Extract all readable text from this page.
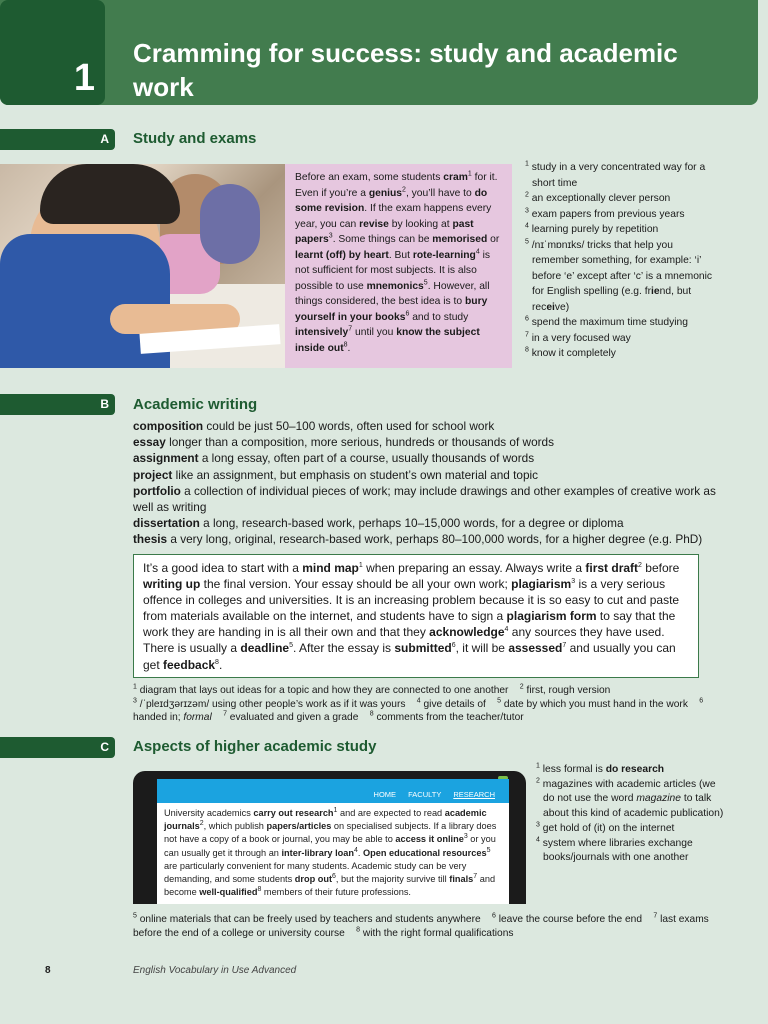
1
Cramming for success: study and academic work
A	Study and exams
Before an exam, some students cram$^1$ for it. Even if you’re a genius$^2$, you’ll have to do some revision. If the exam happens every year, you can revise by looking at past papers$^3$. Some things can be memorised or learnt (off) by heart. But rote-learning$^4$ is not sufficient for most subjects. It is also possible to use mnemonics$^5$. However, all things considered, the best idea is to bury yourself in your books$^6$ and to study intensively$^7$ until you know the subject inside out$^8$.
$^1$ study in a very concentrated way for a short time
$^2$ an exceptionally clever person
$^3$ exam papers from previous years
$^4$ learning purely by repetition
$^5$ /nɪˈmɒnɪks/ tricks that help you remember something, for example: ‘i’ before ‘e’ except after ‘c’ is a mnemonic for English spelling (e.g. friend, but receive)
$^6$ spend the maximum time studying
$^7$ in a very focused way
$^8$ know it completely
B	Academic writing
composition could be just 50–100 words, often used for school work
essay longer than a composition, more serious, hundreds or thousands of words
assignment a long essay, often part of a course, usually thousands of words
project like an assignment, but emphasis on student’s own material and topic
portfolio a collection of individual pieces of work; may include drawings and other examples of creative work as well as writing
dissertation a long, research-based work, perhaps 10–15,000 words, for a degree or diploma
thesis a very long, original, research-based work, perhaps 80–100,000 words, for a higher degree (e.g. PhD)
It’s a good idea to start with a mind map$^1$ when preparing an essay. Always write a first draft$^2$ before writing up the final version. Your essay should be all your own work; plagiarism$^3$ is a very serious offence in colleges and universities. It is an increasing problem because it is so easy to cut and paste from materials available on the internet, and students have to sign a plagiarism form to say that the work they are handing in is all their own and that they acknowledge$^4$ any sources they have used. There is usually a deadline$^5$. After the essay is submitted$^6$, it will be assessed$^7$ and usually you can get feedback$^8$.
$^1$ diagram that lays out ideas for a topic and how they are connected to one another    $^2$ first, rough version
$^3$ /ˈpleɪdʒərɪzəm/ using other people’s work as if it was yours    $^4$ give details of    $^5$ date by which you must hand in the work    $^6$ handed in; formal $^7$ evaluated and given a grade    $^8$ comments from the teacher/tutor
C	Aspects of higher academic study
HOME FACULTY RESEARCH
University academics carry out research$^1$ and are expected to read academic journals$^2$, which publish papers/articles on specialised subjects. If a library does not have a copy of a book or journal, you may be able to access it online$^3$ or you can usually get it through an inter-library loan$^4$. Open educational resources$^5$ are particularly convenient for many students. Academic study can be very demanding, and some students drop out$^6$, but the majority survive till finals$^7$ and become well-qualified$^8$ members of their future professions.
$^1$ less formal is do research
$^2$ magazines with academic articles (we do not use the word magazine to talk about this kind of academic publication)
$^3$ get hold of (it) on the internet
$^4$ system where libraries exchange books/journals with one another
$^5$ online materials that can be freely used by teachers and students anywhere    $^6$ leave the course before the end    $^7$ last exams before the end of a college or university course    $^8$ with the right formal qualifications
8	English Vocabulary in Use Advanced
